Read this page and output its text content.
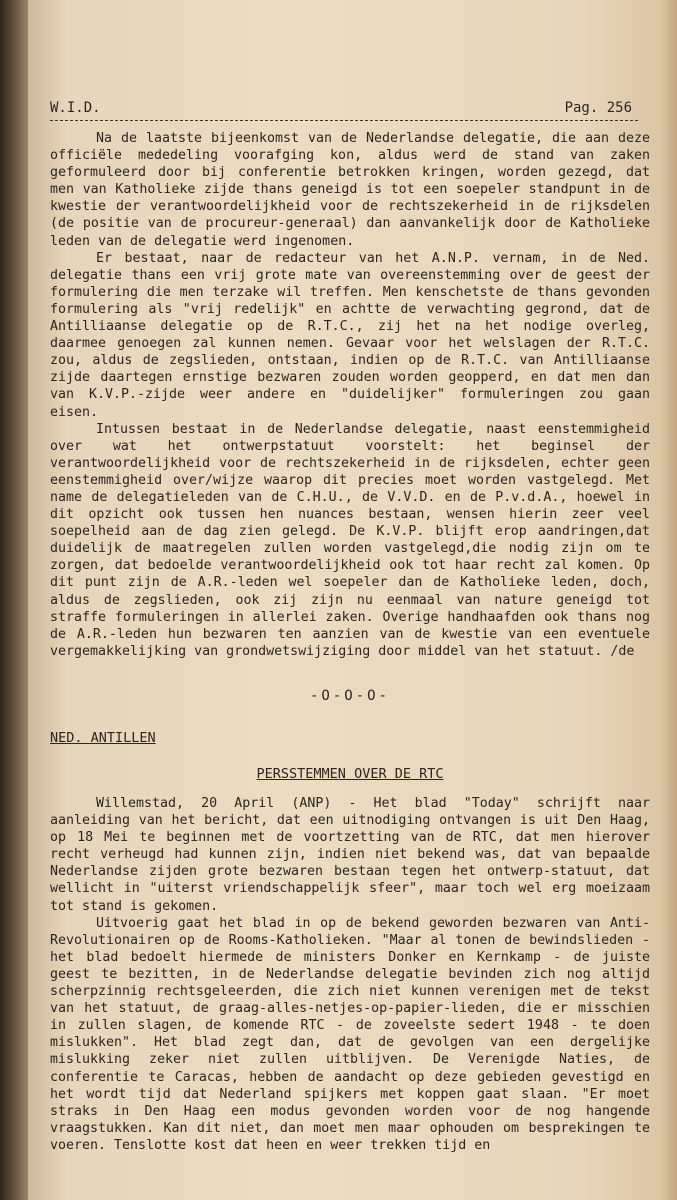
W.I.D.	Pag. 256

Na de laatste bijeenkomst van de Nederlandse delegatie, die aan deze officiële mededeling voorafging kon, aldus werd de stand van zaken geformuleerd door bij conferentie betrokken kringen, worden gezegd, dat men van Katholieke zijde thans geneigd is tot een soepeler standpunt in de kwestie der verantwoordelijkheid voor de rechtszekerheid in de rijksdelen (de positie van de procureur-generaal) dan aanvankelijk door de Katholieke leden van de delegatie werd ingenomen.

Er bestaat, naar de redacteur van het A.N.P. vernam, in de Ned. delegatie thans een vrij grote mate van overeenstemming over de geest der formulering die men terzake wil treffen. Men kenschetste de thans gevonden formulering als "vrij redelijk" en achtte de verwachting gegrond, dat de Antilliaanse delegatie op de R.T.C., zij het na het nodige overleg, daarmee genoegen zal kunnen nemen. Gevaar voor het welslagen der R.T.C. zou, aldus de zegslieden, ontstaan, indien op de R.T.C. van Antilliaanse zijde daartegen ernstige bezwaren zouden worden geopperd, en dat men dan van K.V.P.-zijde weer andere en "duidelijker" formuleringen zou gaan eisen.

Intussen bestaat in de Nederlandse delegatie, naast eenstemmigheid over wat het ontwerpstatuut voorstelt: het beginsel der verantwoordelijkheid voor de rechtszekerheid in de rijksdelen, echter geen eenstemmigheid over/wijze waarop dit precies moet worden vastgelegd. Met name de delegatieleden van de C.H.U., de V.V.D. en de P.v.d.A., hoewel in dit opzicht ook tussen hen nuances bestaan, wensen hierin zeer veel soepelheid aan de dag zien gelegd. De K.V.P. blijft erop aandringen,dat duidelijk de maatregelen zullen worden vastgelegd,die nodig zijn om te zorgen, dat bedoelde verantwoordelijkheid ook tot haar recht zal komen. Op dit punt zijn de A.R.-leden wel soepeler dan de Katholieke leden, doch, aldus de zegslieden, ook zij zijn nu eenmaal van nature geneigd tot straffe formuleringen in allerlei zaken. Overige handhaafden ook thans nog de A.R.-leden hun bezwaren ten aanzien van de kwestie van een eventuele vergemakkelijking van grondwetswijziging door middel van het statuut. /de

-O-O-O-
NED. ANTILLEN
PERSSTEMMEN OVER DE RTC

Willemstad, 20 April (ANP) - Het blad "Today" schrijft naar aanleiding van het bericht, dat een uitnodiging ontvangen is uit Den Haag, op 18 Mei te beginnen met de voortzetting van de RTC, dat men hierover recht verheugd had kunnen zijn, indien niet bekend was, dat van bepaalde Nederlandse zijden grote bezwaren bestaan tegen het ontwerp-statuut, dat wellicht in "uiterst vriendschappelijk sfeer", maar toch wel erg moeizaam tot stand is gekomen.

Uitvoerig gaat het blad in op de bekend geworden bezwaren van Anti-Revolutionairen op de Rooms-Katholieken. "Maar al tonen de bewindslieden - het blad bedoelt hiermede de ministers Donker en Kernkamp - de juiste geest te bezitten, in de Nederlandse delegatie bevinden zich nog altijd scherpzinnig rechtsgeleerden, die zich niet kunnen verenigen met de tekst van het statuut, de graag-alles-netjes-op-papier-lieden, die er misschien in zullen slagen, de komende RTC - de zoveelste sedert 1948 - te doen mislukken". Het blad zegt dan, dat de gevolgen van een dergelijke mislukking zeker niet zullen uitblijven. De Verenigde Naties, de conferentie te Caracas, hebben de aandacht op deze gebieden gevestigd en het wordt tijd dat Nederland spijkers met koppen gaat slaan. "Er moet straks in Den Haag een modus gevonden worden voor de nog hangende vraagstukken. Kan dit niet, dan moet men maar ophouden om besprekingen te voeren. Tenslotte kost dat heen en weer trekken tijd en
